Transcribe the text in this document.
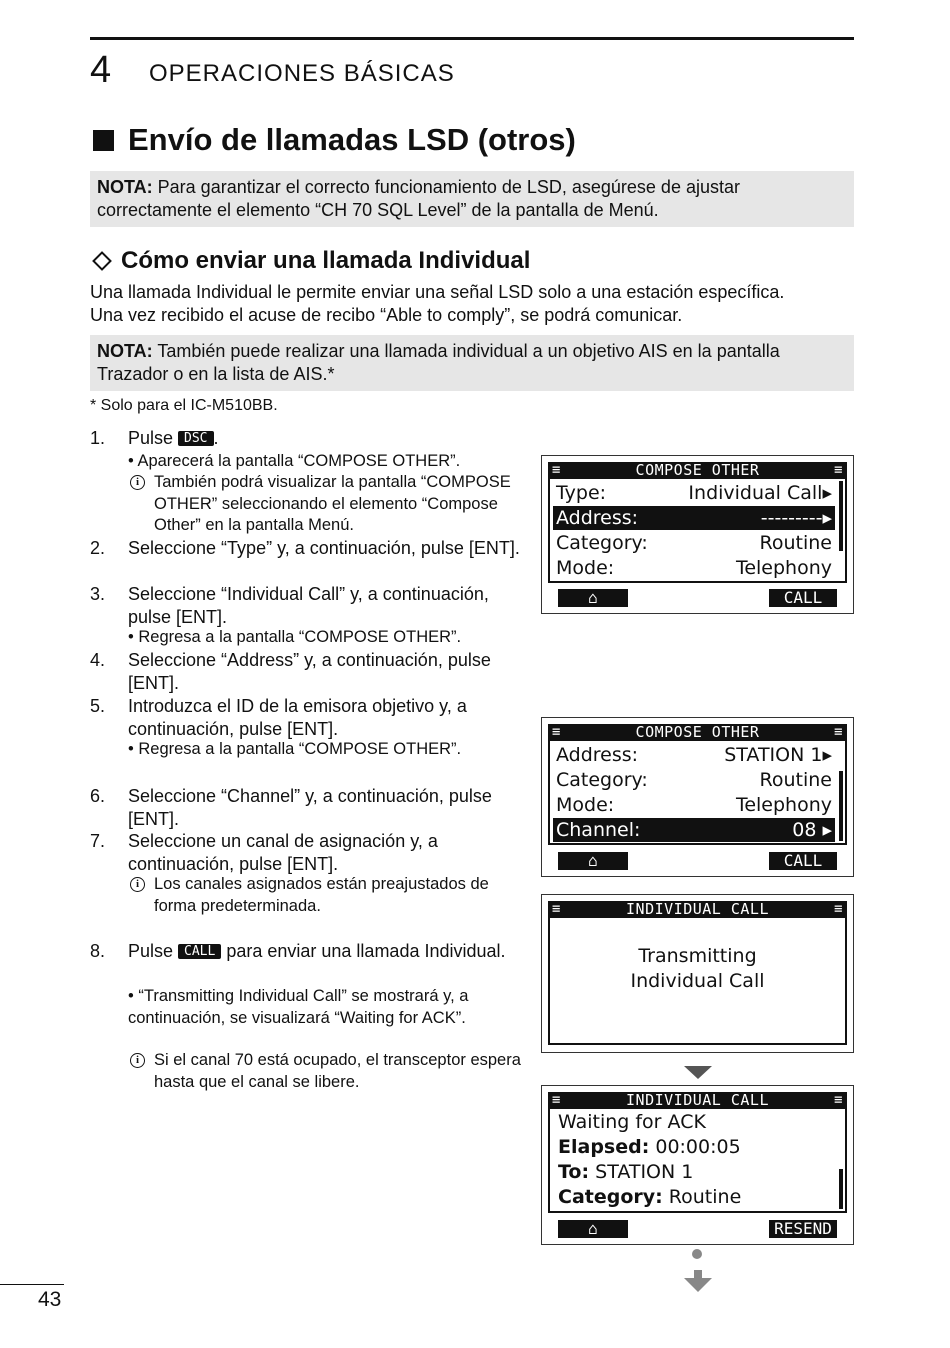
4 OPERACIONES BÁSICAS
Envío de llamadas LSD (otros)
NOTA: Para garantizar el correcto funcionamiento de LSD, asegúrese de ajustar correctamente el elemento “CH 70 SQL Level” de la pantalla de Menú.
Cómo enviar una llamada Individual
Una llamada Individual le permite enviar una señal LSD solo a una estación específica.
Una vez recibido el acuse de recibo “Able to comply”, se podrá comunicar.
NOTA: También puede realizar una llamada individual a un objetivo AIS en la pantalla Trazador o en la lista de AIS.*
* Solo para el IC-M510BB.
1. Pulse DSC .
• Aparecerá la pantalla “COMPOSE OTHER”.
i También podrá visualizar la pantalla “COMPOSE OTHER” seleccionando el elemento “Compose Other” en la pantalla Menú.
2. Seleccione “Type” y, a continuación, pulse [ENT].
3. Seleccione “Individual Call” y, a continuación, pulse [ENT].
• Regresa a la pantalla “COMPOSE OTHER”.
4. Seleccione “Address” y, a continuación, pulse [ENT].
5. Introduzca el ID de la emisora objetivo y, a continuación, pulse [ENT].
• Regresa a la pantalla “COMPOSE OTHER”.
6. Seleccione “Channel” y, a continuación, pulse [ENT].
7. Seleccione un canal de asignación y, a continuación, pulse [ENT].
i Los canales asignados están preajustados de forma predeterminada.
8. Pulse CALL para enviar una llamada Individual.
• “Transmitting Individual Call” se mostrará y, a continuación, se visualizará “Waiting for ACK”.
i Si el canal 70 está ocupado, el transceptor espera hasta que el canal se libere.
≡	COMPOSE OTHER	≡
Type:	Individual Call▸
Address:	---------▸
Category:	Routine
Mode:	Telephony
⌂	CALL
≡	COMPOSE OTHER	≡
Address:	STATION 1▸
Category:	Routine
Mode:	Telephony
Channel:	08 ▸
⌂	CALL
≡	INDIVIDUAL CALL	≡
Transmitting
Individual Call
≡	INDIVIDUAL CALL	≡
Waiting for ACK
Elapsed: 00:00:05
To: STATION 1
Category: Routine
⌂	RESEND
43
